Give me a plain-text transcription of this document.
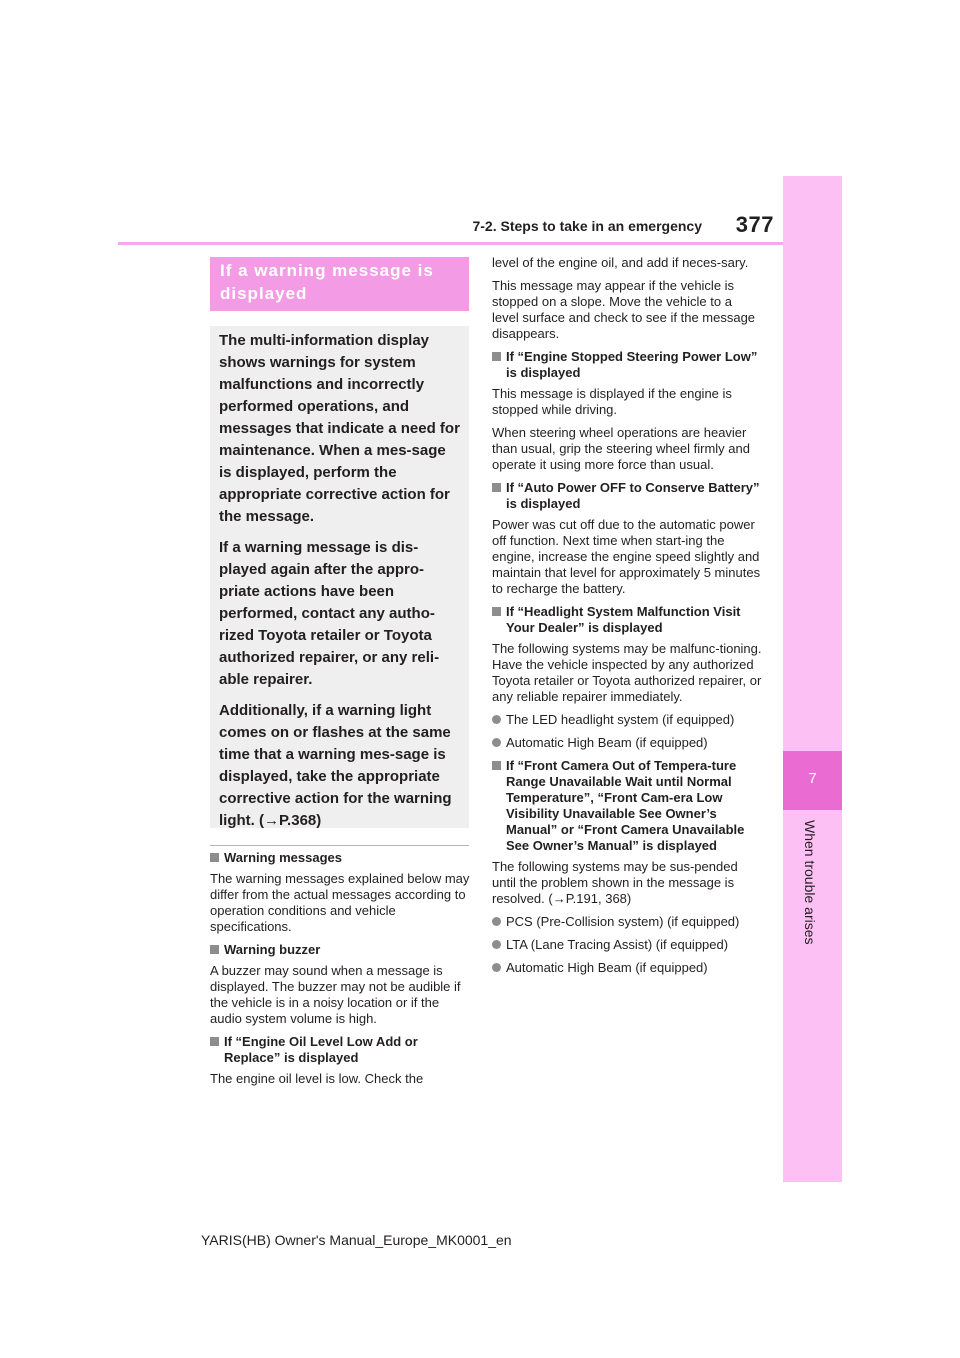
7
When trouble arises
7-2. Steps to take in an emergency	377
If a warning message is displayed

The multi-information display shows warnings for system malfunctions and incorrectly performed operations, and messages that indicate a need for maintenance. When a mes-sage is displayed, perform the appropriate corrective action for the message.

If a warning message is dis-played again after the appro-priate actions have been performed, contact any autho-rized Toyota retailer or Toyota authorized repairer, or any reli-able repairer.

Additionally, if a warning light comes on or flashes at the same time that a warning mes-sage is displayed, take the appropriate corrective action for the warning light. (→P.368)

Warning messages

The warning messages explained below may differ from the actual messages according to operation conditions and vehicle specifications.

Warning buzzer

A buzzer may sound when a message is displayed. The buzzer may not be audible if the vehicle is in a noisy location or if the audio system volume is high.

If “Engine Oil Level Low Add or Replace” is displayed

The engine oil level is low. Check the

level of the engine oil, and add if neces-sary.

This message may appear if the vehicle is stopped on a slope. Move the vehicle to a level surface and check to see if the message disappears.

If “Engine Stopped Steering Power Low” is displayed

This message is displayed if the engine is stopped while driving.

When steering wheel operations are heavier than usual, grip the steering wheel firmly and operate it using more force than usual.

If “Auto Power OFF to Conserve Battery” is displayed

Power was cut off due to the automatic power off function. Next time when start-ing the engine, increase the engine speed slightly and maintain that level for approximately 5 minutes to recharge the battery.

If “Headlight System Malfunction Visit Your Dealer” is displayed

The following systems may be malfunc-tioning. Have the vehicle inspected by any authorized Toyota retailer or Toyota authorized repairer, or any reliable repairer immediately.

The LED headlight system (if equipped)

Automatic High Beam (if equipped)

If “Front Camera Out of Tempera-ture Range Unavailable Wait until Normal Temperature”, “Front Cam-era Low Visibility Unavailable See Owner’s Manual” or “Front Camera Unavailable See Owner’s Manual” is displayed

The following systems may be sus-pended until the problem shown in the message is resolved. (→P.191, 368)

PCS (Pre-Collision system) (if equipped)

LTA (Lane Tracing Assist) (if equipped)

Automatic High Beam (if equipped)

YARIS(HB) Owner's Manual_Europe_MK0001_en
